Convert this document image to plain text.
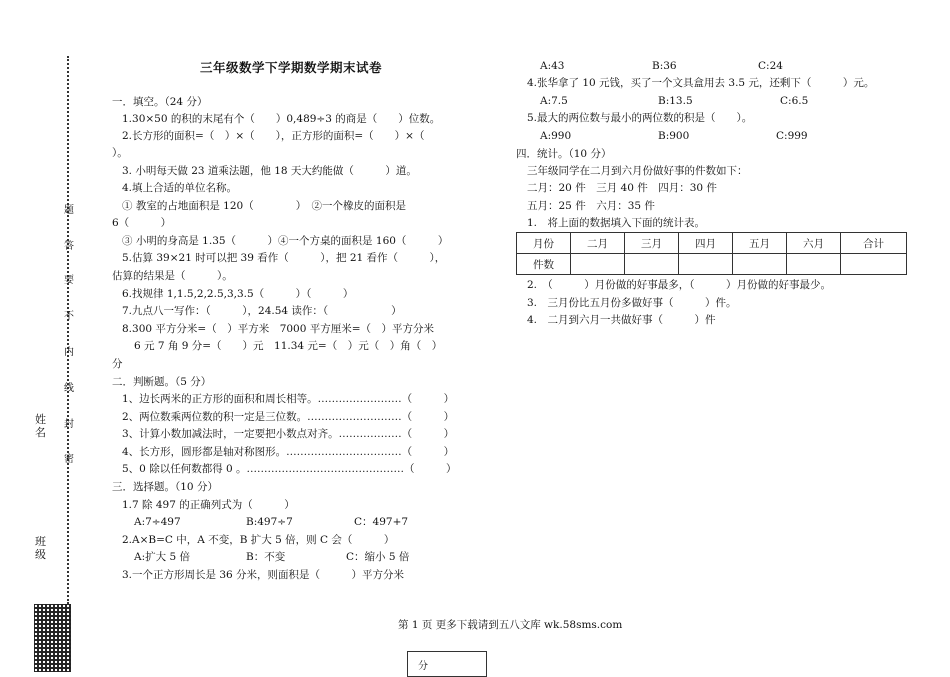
题
答
要
不
内
线
封
密
姓名
班级
三年级数学下学期数学期末试卷
一．填空。（24 分）
1.30×50 的积的末尾有个（　　）0,489÷3 的商是（　　）位数。
2.长方形的面积=（　）×（　　），正方形的面积=（　　）×（
）。
3. 小明每天做 23 道乘法题，他 18 天大约能做（　　　）道。
4.填上合适的单位名称。
① 教室的占地面积是 120（　　　　）　②一个橡皮的面积是
6（　　　）
③ 小明的身高是 1.35（　　　）④一个方桌的面积是 160（　　　）
5.估算 39×21 时可以把 39 看作（　　　），把 21 看作（　　　），
估算的结果是（　　　）。
6.找规律 1,1.5,2,2.5,3,3.5（　　　）（　　　）
7.九点八一写作：（　　　），24.54 读作：（　　　　　　）
8.300 平方分米=（　）平方米　7000 平方厘米=（　）平方分米
6 元 7 角 9 分=（　　）元　11.34 元=（　）元（　）角（　）
分
二．判断题。（5 分）
1、边长两米的正方形的面积和周长相等。……………………（　　　）
2、两位数乘两位数的积一定是三位数。………………………（　　　）
3、计算小数加减法时，一定要把小数点对齐。………………（　　　）
4、长方形，圆形都是轴对称图形。……………………………（　　　）
5、0 除以任何数都得 0 。………………………………………（　　　）
三．选择题。（10 分）
1.7 除 497 的正确列式为（　　　）
A:7÷497	B:497÷7	C：497+7
2.A×B=C 中，A 不变，B 扩大 5 倍，则 C 会（　　　）
A:扩大 5 倍	B：不变	C：缩小 5 倍
3.一个正方形周长是 36 分米，则面积是（　　　）平方分米
A:43	B:36	C:24
4.张华拿了 10 元钱，买了一个文具盒用去 3.5 元，还剩下（　　　）元。
A:7.5	B:13.5	C:6.5
5.最大的两位数与最小的两位数的积是（　　）。
A:990	B:900	C:999
四．统计。（10 分）
三年级同学在二月到六月份做好事的件数如下：
二月：20 件　三月 40 件　四月：30 件
五月：25 件　六月：35 件
1.　将上面的数据填入下面的统计表。
月份	二月	三月	四月	五月	六月	合计
件数						
2.　（　　　）月份做的好事最多，（　　　）月份做的好事最少。
3.　三月份比五月份多做好事（　　　）件。
4.　二月到六月一共做好事（　　　）件
第 1 页 更多下载请到五八文库 wk.58sms.com
分
